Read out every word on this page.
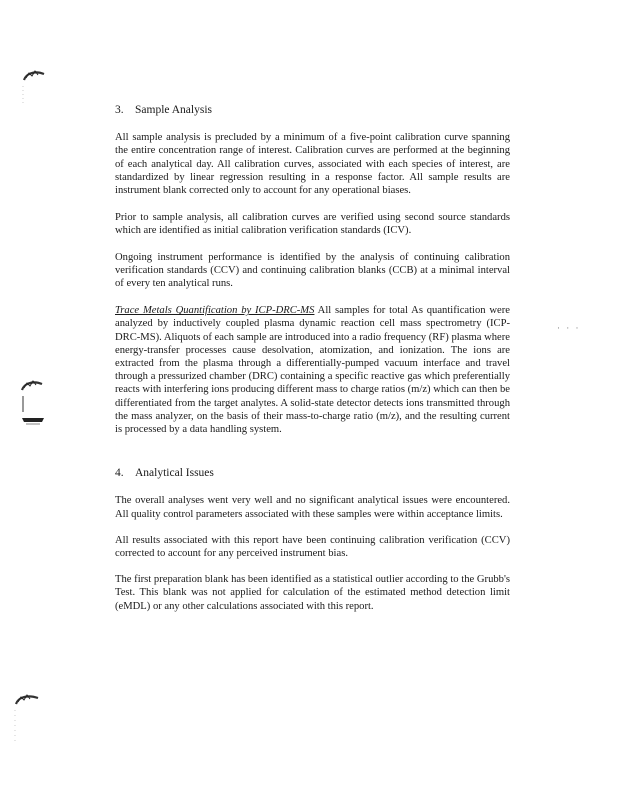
· · ·
3. Sample Analysis

All sample analysis is precluded by a minimum of a five-point calibration curve spanning the entire concentration range of interest. Calibration curves are performed at the beginning of each analytical day. All calibration curves, associated with each species of interest, are standardized by linear regression resulting in a response factor. All sample results are instrument blank corrected only to account for any operational biases.

Prior to sample analysis, all calibration curves are verified using second source standards which are identified as initial calibration verification standards (ICV).

Ongoing instrument performance is identified by the analysis of continuing calibration verification standards (CCV) and continuing calibration blanks (CCB) at a minimal interval of every ten analytical runs.

Trace Metals Quantification by ICP-DRC-MS All samples for total As quantification were analyzed by inductively coupled plasma dynamic reaction cell mass spectrometry (ICP-DRC-MS). Aliquots of each sample are introduced into a radio frequency (RF) plasma where energy-transfer processes cause desolvation, atomization, and ionization. The ions are extracted from the plasma through a differentially-pumped vacuum interface and travel through a pressurized chamber (DRC) containing a specific reactive gas which preferentially reacts with interfering ions producing different mass to charge ratios (m/z) which can then be differentiated from the target analytes. A solid-state detector detects ions transmitted through the mass analyzer, on the basis of their mass-to-charge ratio (m/z), and the resulting current is processed by a data handling system.

4. Analytical Issues

The overall analyses went very well and no significant analytical issues were encountered. All quality control parameters associated with these samples were within acceptance limits.

All results associated with this report have been continuing calibration verification (CCV) corrected to account for any perceived instrument bias.

The first preparation blank has been identified as a statistical outlier according to the Grubb's Test. This blank was not applied for calculation of the estimated method detection limit (eMDL) or any other calculations associated with this report.
